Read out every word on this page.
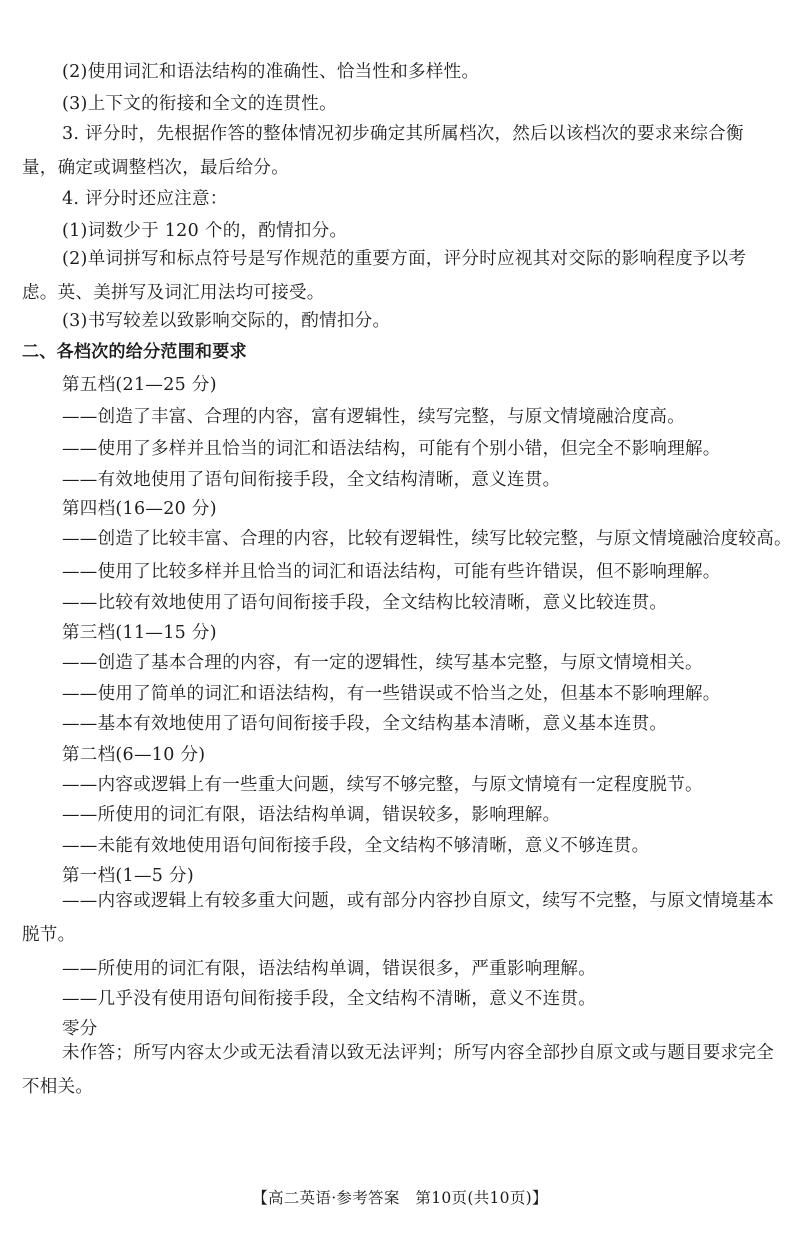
(2)使用词汇和语法结构的准确性、恰当性和多样性。
(3)上下文的衔接和全文的连贯性。
3. 评分时，先根据作答的整体情况初步确定其所属档次，然后以该档次的要求来综合衡量，确定或调整档次，最后给分。
4. 评分时还应注意：
(1)词数少于 120 个的，酌情扣分。
(2)单词拼写和标点符号是写作规范的重要方面，评分时应视其对交际的影响程度予以考虑。英、美拼写及词汇用法均可接受。
(3)书写较差以致影响交际的，酌情扣分。
二、各档次的给分范围和要求
第五档(21—25 分)
——创造了丰富、合理的内容，富有逻辑性，续写完整，与原文情境融洽度高。
——使用了多样并且恰当的词汇和语法结构，可能有个别小错，但完全不影响理解。
——有效地使用了语句间衔接手段，全文结构清晰，意义连贯。
第四档(16—20 分)
——创造了比较丰富、合理的内容，比较有逻辑性，续写比较完整，与原文情境融洽度较高。
——使用了比较多样并且恰当的词汇和语法结构，可能有些许错误，但不影响理解。
——比较有效地使用了语句间衔接手段，全文结构比较清晰，意义比较连贯。
第三档(11—15 分)
——创造了基本合理的内容，有一定的逻辑性，续写基本完整，与原文情境相关。
——使用了简单的词汇和语法结构，有一些错误或不恰当之处，但基本不影响理解。
——基本有效地使用了语句间衔接手段，全文结构基本清晰，意义基本连贯。
第二档(6—10 分)
——内容或逻辑上有一些重大问题，续写不够完整，与原文情境有一定程度脱节。
——所使用的词汇有限，语法结构单调，错误较多，影响理解。
——未能有效地使用语句间衔接手段，全文结构不够清晰，意义不够连贯。
第一档(1—5 分)
——内容或逻辑上有较多重大问题，或有部分内容抄自原文，续写不完整，与原文情境基本脱节。
——所使用的词汇有限，语法结构单调，错误很多，严重影响理解。
——几乎没有使用语句间衔接手段，全文结构不清晰，意义不连贯。
零分
未作答；所写内容太少或无法看清以致无法评判；所写内容全部抄自原文或与题目要求完全不相关。
【高二英语·参考答案　第10页(共10页)】
